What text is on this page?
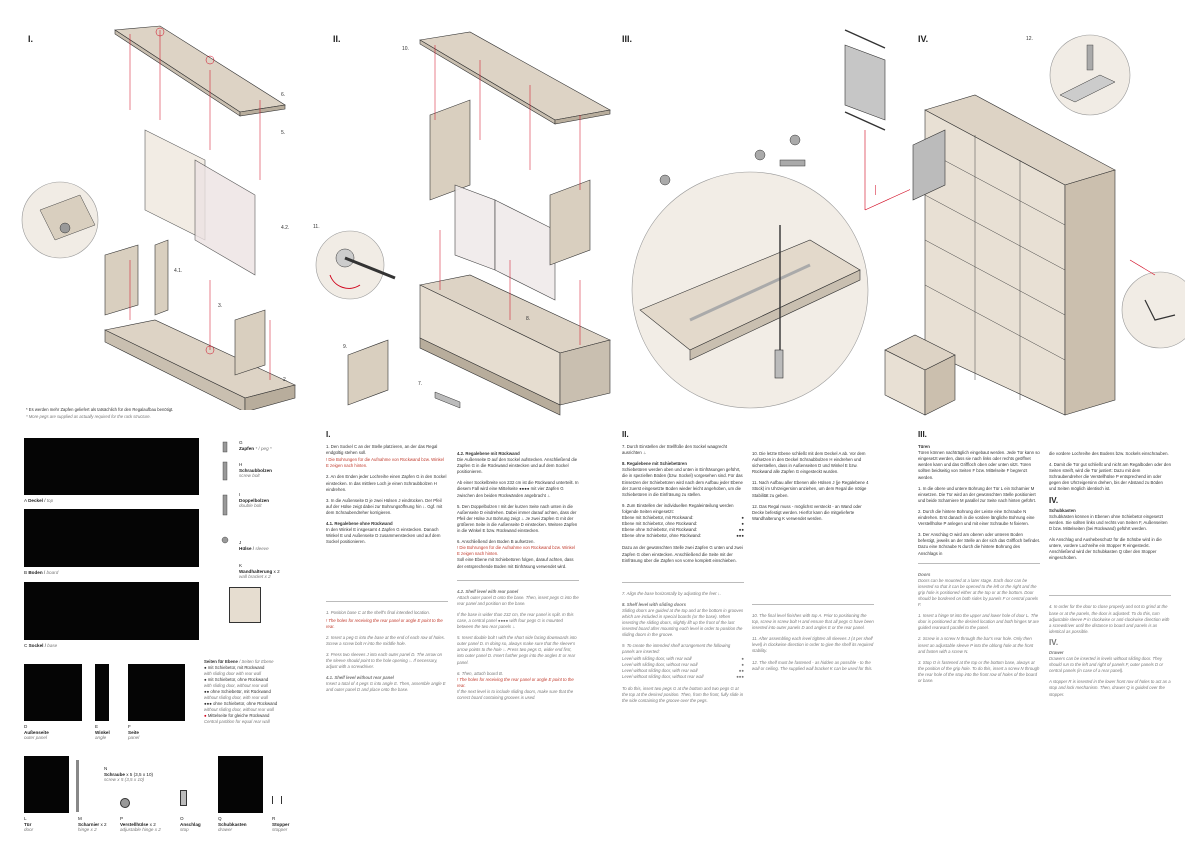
I.	II.	III.	IV.
6.
5.
4.2.
4.1.
3.
2.
* Es werden mehr Zapfen geliefert als tatsächlich für den Regalaufbau benötigt.
* More pegs are supplied as actually required for the rack structure.
10.
11.
8.
9.
7.
12.
A Deckel / top
B Boden / board
C Sockel / base
G
Zapfen * / peg *
H
Schraubbolzen
screw bolt
I
Doppelbolzen
double bolt
J
Hülse / sleeve
K
Wandhalterung x 2
wall bracket x 2
Seiten für Ebene / Seiten für Ebene
● mit Schiebetür, mit Rückwand
with sliding door with rear wall
● mit Schiebetür, ohne Rückwand
with sliding door, without rear wall
●● ohne Schiebetür, mit Rückwand
without sliding door, with rear wall
●●● ohne Schiebetür, ohne Rückwand
without sliding door, without rear wall
● Mittelseite für gleiche Rückwand
Central partition for equal rear wall
D
Außenseite
outer panel
E
Winkel
angle
F
Seite
panel
L
Tür
door
M
Scharnier x 2
hinge x 2
N
Schraube x 5 (3,5 x 10)
screw x 5 (3,5 x 10)
P
Verstellhülse x 2
adjustable hinge x 2
O
Anschlag
stop
Q
Schubkasten
drawer
R
Stopper
stopper
I.

1. Den Sockel C an der Stelle platzieren, an der das Regal endgültig stehen soll.

! Die Bohrungen für die Aufnahme von Rückwand bzw. Winkel E zeigen nach hinten.

2. An den Enden jeder Lochreihe einen Zapfen G in den Sockel einstecken. In das mittlere Loch je einen Schraubbolzen H eindrehen.

3. In die Außenseite D je zwei Hülsen J eindrücken. Der Pfeil auf der Hülse zeigt dabei zur Bohrungsöffnung hin ↓. Ggf. mit dem Schraubendreher korrigieren.

4.1. Regalebene ohne Rückwand

In den Winkel E insgesamt 4 Zapfen G einstecken. Danach Winkel E und Außenseite D zusammenstecken und auf dem Sockel positionieren.

1. Position base C at the shelf's final intended location.

! The holes for receiving the rear panel or angle E point to the rear.

2. Insert a peg G into the base at the end of each row of holes. Screw a screw bolt H into the middle hole.

3. Press two sleeves J into each outer panel D. The arrow on the sleeve should point to the hole opening ↓. If necessary, adjust with a screwdriver.

4.1. Shelf level without rear panel

Insert a total of 4 pegs G into angle E. Then, assemble angle E and outer panel D and place onto the base.

4.2. Regalebene mit Rückwand

Die Außenseite D auf den Sockel aufstecken. Anschließend die Zapfen G in die Rückwand einstecken und auf dem Sockel positionieren.

Ab einer Sockelbreite von 232 cm ist die Rückwand unterteilt. In diesem Fall wird eine Mittelseite ●●●● mit vier Zapfen G zwischen den beiden Rückwänden angebracht ↓.

5. Den Doppelbolzen I mit der kurzen Seite nach unten in die Außenseite D eindrehen. Dabei immer darauf achten, dass der Pfeil der Hülse zur Bohrung zeigt ↓. Je zwei Zapfen G mit der größeren Seite in die Außenseite D einstecken. Weitere Zapfen in die Winkel E bzw. Rückwand einstecken.

6. Anschließend den Boden B aufsetzen.

! Die Bohrungen für die Aufnahme von Rückwand bzw. Winkel E zeigen nach hinten.

Soll eine Ebene mit Schiebetüren folgen, darauf achten, dass der entsprechende Boden mit Einfräsung verwendet wird.

4.2. Shelf level with rear panel

Attach outer panel D onto the base. Then, insert pegs G into the rear panel and position on the base.

If the base is wider than 232 cm, the rear panel is split. In this case, a central panel ●●●● with four pegs G is mounted between the two rear panels ↓.

5. Insert double bolt I with the short side facing downwards into outer panel D. In doing so, always make sure that the sleeve's arrow points to the hole ↓. Press two pegs G, wider end first, into outer panel D. Insert further pegs into the angles E or rear panel.

6. Then, attach board B.

! The holes for receiving the rear panel or angle E point to the rear.

If the next level is to include sliding doors, make sure that the correct board containing grooves is used.

II.

7. Durch Einstellen der Stellfüße den Sockel waagrecht ausrichten ↓.

8. Regalebene mit Schiebetüren

Schiebetüren werden oben und unten in Einfräsungen geführt, die in speziellen Böden (bzw. Sockel) vorgesehen sind. Für das Einsetzen der Schiebetüren wird nach dem Aufbau jeder Ebene der zuerst eingesetzte Boden wieder leicht angehoben, um die Schiebetüren in die Einfräsung zu stellen.

9. Zum Einstellen der individuellen Regaleinteilung werden folgende Seiten eingesetzt:

Ebene mit Schiebetür, mit Rückwand:	●
Ebene mit Schiebetür, ohne Rückwand:	●
Ebene ohne Schiebetür, mit Rückwand:	●●
Ebene ohne Schiebetür, ohne Rückwand:	●●●

Dazu an der gewünschten Stelle zwei Zapfen G unten und zwei Zapfen G oben einstecken. Anschließend die Seite mit der Einfräsung über die Zapfen von vorne komplett einschieben.

7. Align the base horizontally by adjusting the feet ↓.

8. Shelf level with sliding doors

Sliding doors are guided at the top and at the bottom in grooves which are included in special boards (or the base). When inserting the sliding doors, slightly lift up the front of the last inserted board after mounting each level in order to position the sliding doors in the groove.

9. To create the intended shelf arrangement the following panels are inserted:

Level with sliding door, with rear wall	●
Level with sliding door, without rear wall	●
Level without sliding door, with rear wall	●●
Level without sliding door, without rear wall	●●●

To do this, insert two pegs G at the bottom and two pegs G at the top at the desired position. Then, from the front, fully slide in the side containing the groove over the pegs.

10. Die letzte Ebene schließt mit dem Deckel A ab. Vor dem Aufsetzen in den Deckel Schraubbolzen H eindrehen und sicherstellen, dass in Außenseiten D und Winkel E bzw. Rückwand alle Zapfen G eingesteckt wurden.

11. Nach Aufbau aller Ebenen alle Hülsen J (je Regalebene 4 Stück) im Uhrzeigersinn anziehen, um dem Regal die nötige Stabilität zu geben.

12. Das Regal muss - möglichst versteckt - an Wand oder Decke befestigt werden. Hierfür kann die mitgelieferte Wandhalterung K verwendet werden.

10. The final level finishes with top A. Prior to positioning the top, screw in screw bolt H and ensure that all pegs G have been inserted into outer panels D and angles E or the rear panel.

11. After assembling each level tighten all sleeves J (4 per shelf level) in clockwise direction in order to give the shelf its required stability.

12. The shelf must be fastened - as hidden as possible - to the wall or ceiling. The supplied wall bracket K can be used for this.

III.

Türen

Türen können nachträglich eingebaut werden. Jede Tür kann so eingesetzt werden, dass sie nach links oder rechts geöffnet werden kann und das Griffloch oben oder unten sitzt. Türen sollten beidseitig von Seiten F bzw. Mittelseite F begrenzt werden.

1. In die obere und untere Bohrung der Tür L ein Scharnier M einsetzen. Die Tür wird an der gewünschten Stelle positioniert und beide Scharniere M parallel zur Seite nach hinten geführt.

2. Durch die hintere Bohrung der Leiste eine Schraube N eindrehen. Erst danach in die vordere längliche Bohrung eine Verstellhülse P anlegen und mit einer Schraube N fixieren.

3. Der Anschlag O wird am oberen oder unteren Boden befestigt, jeweils an der Stelle an der sich das Griffloch befindet. Dazu eine Schraube N durch die hintere Bohrung des Anschlags in

Doors

Doors can be mounted at a later stage. Each door can be inserted so that it can be opened to the left or the right and the grip hole is positioned either at the top or at the bottom. Door should be bordered on both sides by panels F or central panels F.

1. Insert a hinge M into the upper and lower hole of door L. The door is positioned at the desired location and both hinges M are guided rearward parallel to the panel.

2. Screw in a screw N through the bar's rear hole. Only then insert an adjustable sleeve P into the oblong hole at the front and fasten with a screw N.

3. Stop O is fastened at the top or the bottom base, always at the position of the grip hole. To do this, insert a screw N through the rear hole of the stop into the front row of holes of the board or base.

die vordere Lochreihe des Bodens bzw. Sockels einschrauben.

4. Damit die Tür gut schließt und nicht am Regalboden oder den Seiten streift, wird die Tür justiert: Dazu mit dem Schraubendreher die Verstellhülse P entsprechend im oder gegen den Uhrzeigersinn drehen, bis der Abstand zu Böden und Seiten möglich identisch ist.

IV.

Schubkasten

Schubkästen können in Ebenen ohne Schiebetür eingesetzt werden. Sie sollten links und rechts von Seiten F, Außenseiten D bzw. Mittelseiten (bei Rückwand) geführt werden.

Als Anschlag und Aushebeschutz für die Schübe wird in die untere, vordere Lochreihe ein Stopper R eingesteckt. Anschließend wird der Schubkasten Q über den Stopper eingeschoben.

4. In order for the door to close properly and not to grind at the base or at the panels, the door is adjusted: To do this, turn adjustable sleeve P in clockwise or anti-clockwise direction with a screwdriver until the distance to board and panels is as identical as possible.

IV.

Drawer

Drawers can be inserted in levels without sliding door. They should run to the left and right of panels F, outer panels D or central panels (in case of a rear panel).

A stopper R is inserted in the lower front row of holes to act as a stop and lock mechanism. Then, drawer Q is guided over the stopper.
